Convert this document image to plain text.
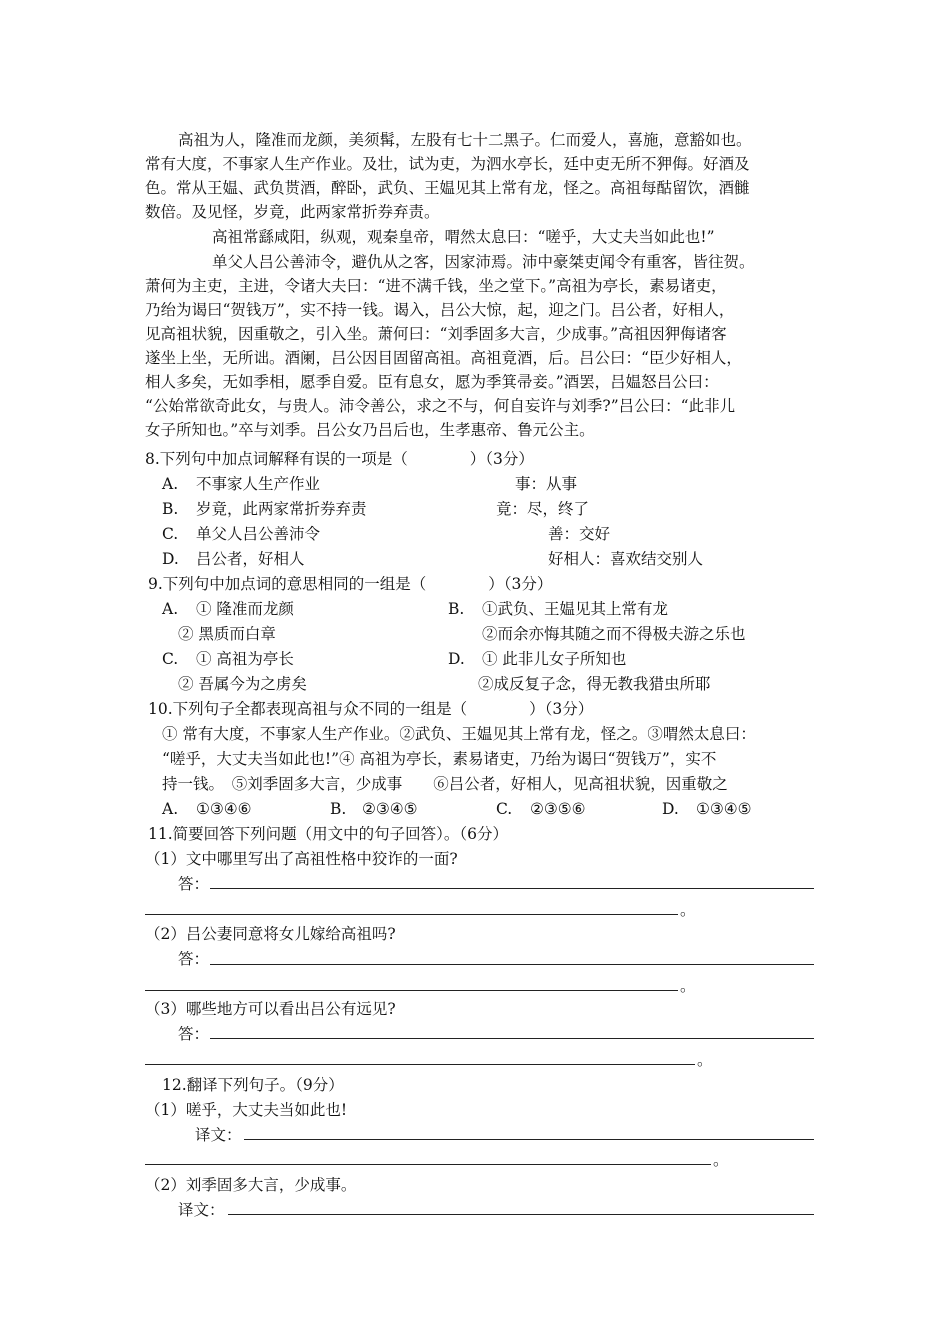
高祖为人，隆准而龙颜，美须髯，左股有七十二黑子。仁而爱人，喜施，意豁如也。
常有大度，不事家人生产作业。及壮，试为吏，为泗水亭长，廷中吏无所不狎侮。好酒及
色。常从王媪、武负贳酒，醉卧，武负、王媪见其上常有龙，怪之。高祖每酤留饮，酒雠
数倍。及见怪，岁竟，此两家常折券弃责。
高祖常繇咸阳，纵观，观秦皇帝，喟然太息曰：“嗟乎，大丈夫当如此也!”
单父人吕公善沛令，避仇从之客，因家沛焉。沛中豪桀吏闻令有重客，皆往贺。
萧何为主吏，主进，令诸大夫曰：“进不满千钱，坐之堂下。”高祖为亭长，素易诸吏，
乃绐为谒曰“贺钱万”，实不持一钱。谒入，吕公大惊，起，迎之门。吕公者，好相人，
见高祖状貌，因重敬之，引入坐。萧何曰：“刘季固多大言，少成事。”高祖因狎侮诸客
遂坐上坐，无所诎。酒阑，吕公因目固留高祖。高祖竟酒，后。吕公曰：“臣少好相人，
相人多矣，无如季相，愿季自爱。臣有息女，愿为季箕帚妾。”酒罢，吕媪怒吕公曰：
“公始常欲奇此女，与贵人。沛令善公，求之不与，何自妄许与刘季?”吕公曰：“此非儿
女子所知也。”卒与刘季。吕公女乃吕后也，生孝惠帝、鲁元公主。
8.下列句中加点词解释有误的一项是（　　　　）（3分）
A. 不事家人生产作业	事：从事
B. 岁竟，此两家常折券弃责	竟：尽，终了
C. 单父人吕公善沛令	善：交好
D. 吕公者，好相人	好相人：喜欢结交别人
9.下列句中加点词的意思相同的一组是（　　　　）（3分）
A. ① 隆准而龙颜	B. ①武负、王媪见其上常有龙
② 黑质而白章	②而余亦悔其随之而不得极夫游之乐也
C. ① 高祖为亭长	D. ① 此非儿女子所知也
② 吾属今为之虏矣	②成反复子念，得无教我猎虫所耶
10.下列句子全都表现高祖与众不同的一组是（　　　　）（3分）
① 常有大度，不事家人生产作业。②武负、王媪见其上常有龙，怪之。③喟然太息曰：
“嗟乎，大丈夫当如此也!”④ 高祖为亭长，素易诸吏，乃绐为谒曰“贺钱万”，实不
持一钱。　⑤刘季固多大言，少成事　　⑥吕公者，好相人，见高祖状貌，因重敬之
A. ①③④⑥	B. ②③④⑤	C. ②③⑤⑥	D. ①③④⑤
11.简要回答下列问题（用文中的句子回答）。（6分）
（1）文中哪里写出了高祖性格中狡诈的一面?
答：
。
（2）吕公妻同意将女儿嫁给高祖吗?
答：
。
（3）哪些地方可以看出吕公有远见?
答：
。
12.翻译下列句子。（9分）
（1）嗟乎，大丈夫当如此也!
译文：
。
（2）刘季固多大言，少成事。
译文：
